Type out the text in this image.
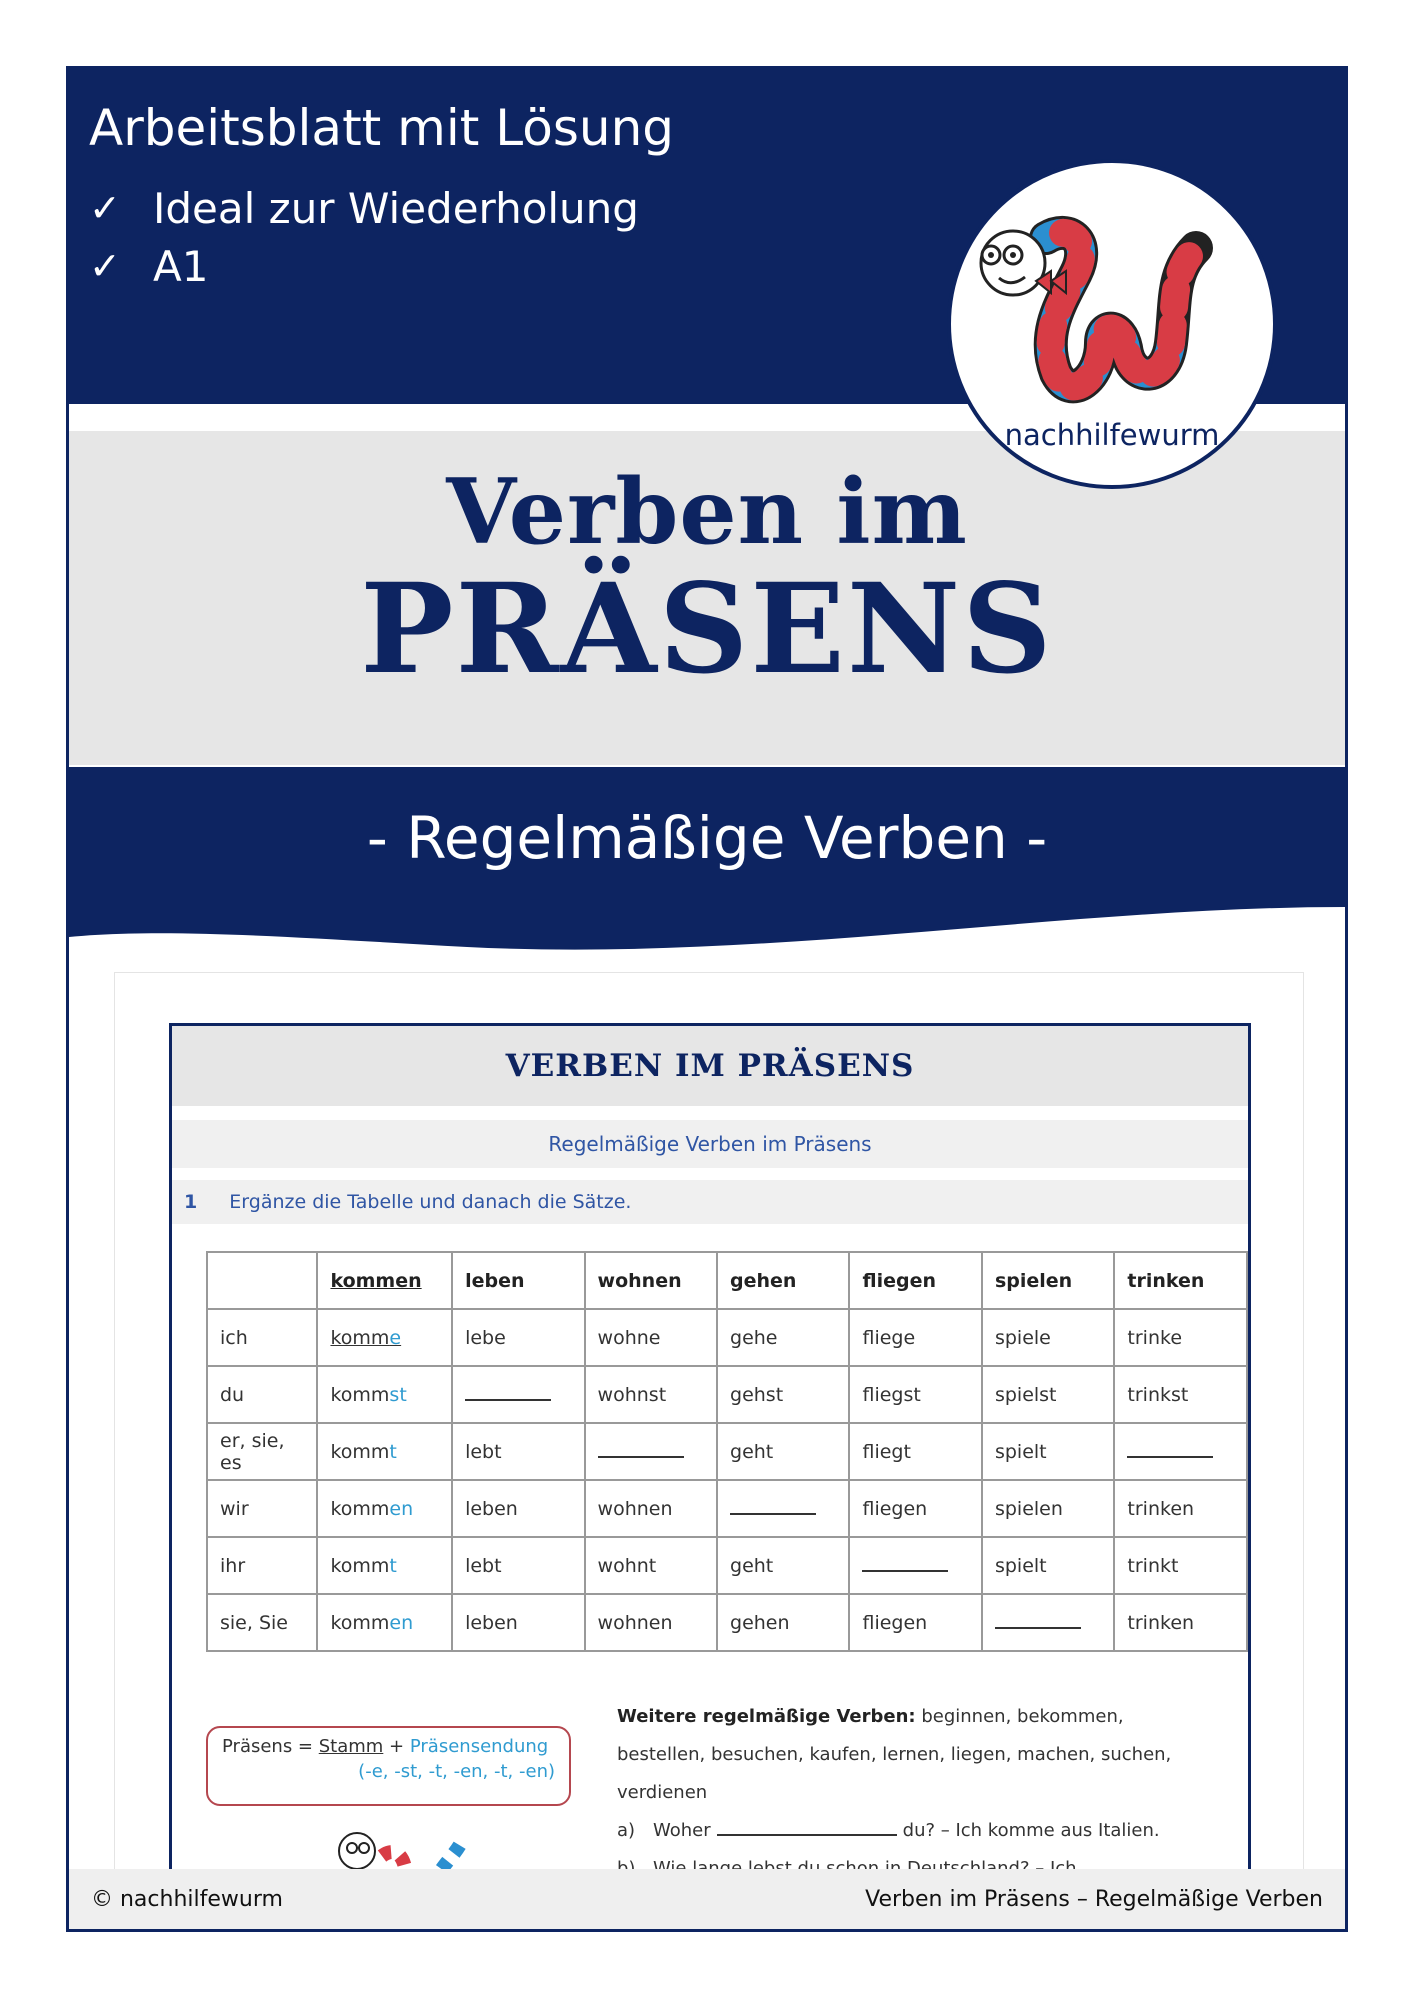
Arbeitsblatt mit Lösung
✓ Ideal zur Wiederholung
✓ A1
nachhilfewurm
Verben im
PRÄSENS
- Regelmäßige Verben -
VERBEN IM PRÄSENS
Regelmäßige Verben im Präsens
1 Ergänze die Tabelle und danach die Sätze.
	kommen	leben	wohnen	gehen	fliegen	spielen	trinken
ich	komme	lebe	wohne	gehe	fliege	spiele	trinke
du	kommst		wohnst	gehst	fliegst	spielst	trinkst
er, sie, es	kommt	lebt		geht	fliegt	spielt	
wir	kommen	leben	wohnen		fliegen	spielen	trinken
ihr	kommt	lebt	wohnt	geht		spielt	trinkt
sie, Sie	kommen	leben	wohnen	gehen	fliegen		trinken
Präsens = Stamm + Präsensendung
(-e, -st, -t, -en, -t, -en)
Weitere regelmäßige Verben: beginnen, bekommen, bestellen, besuchen, kaufen, lernen, liegen, machen, suchen, verdienen
a) Woher	du? – Ich komme aus Italien.
© nachhilfewurm	Verben im Präsens – Regelmäßige Verben
